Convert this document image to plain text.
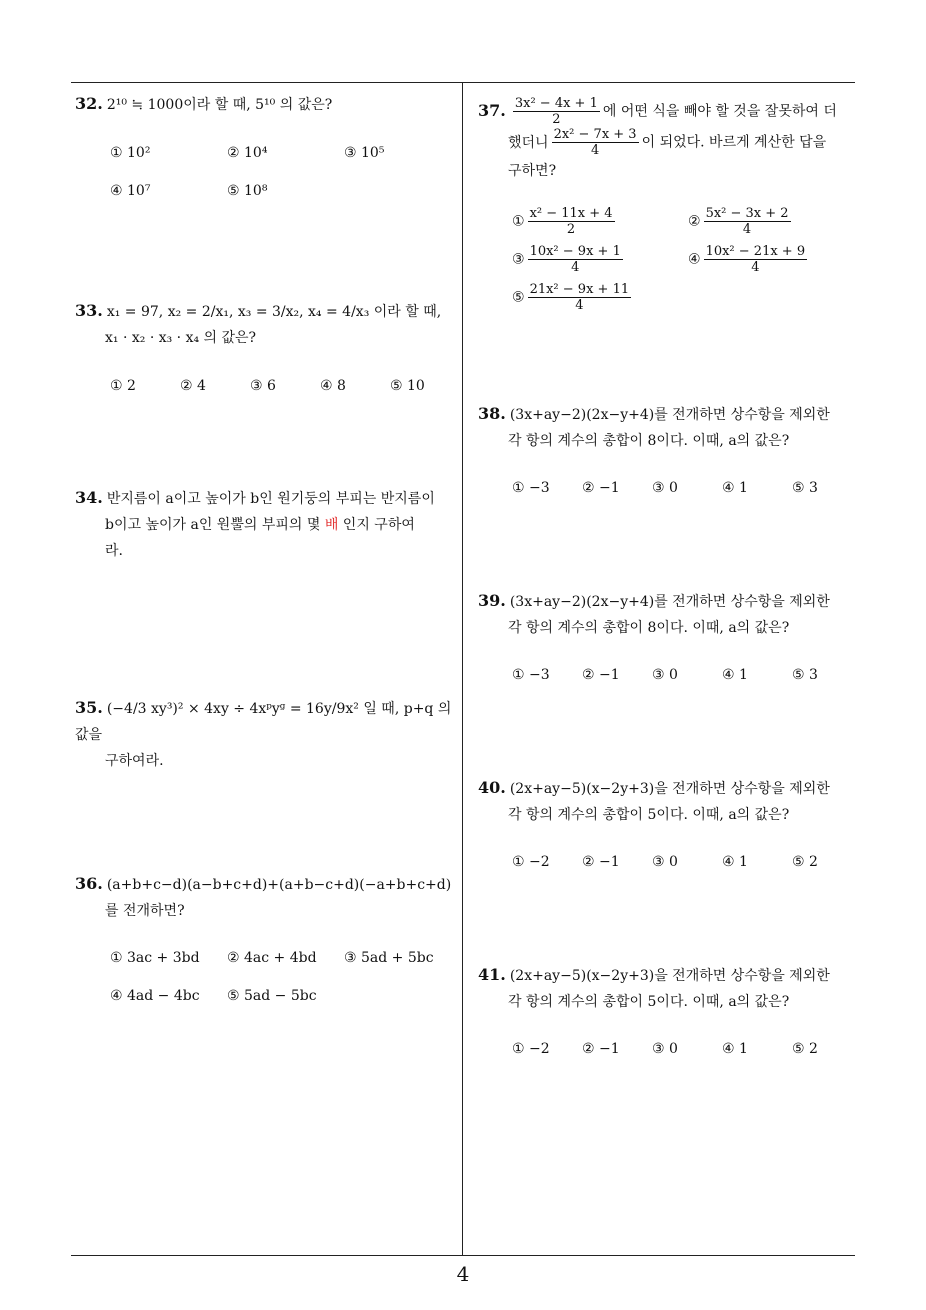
32. 2¹⁰ ≒ 1000이라 할 때, 5¹⁰ 의 값은?
① 10²	② 10⁴	③ 10⁵
④ 10⁷	⑤ 10⁸
33. x₁ = 97, x₂ = 2/x₁, x₃ = 3/x₂, x₄ = 4/x₃ 이라 할 때,
x₁ · x₂ · x₃ · x₄ 의 값은?
① 2	② 4	③ 6	④ 8	⑤ 10
34. 반지름이 a이고 높이가 b인 원기둥의 부피는 반지름이
b이고 높이가 a인 원뿔의 부피의 몇 배 인지 구하여
라.
35. (−4/3 xy³)² × 4xy ÷ 4xᵖyᵍ = 16y/9x² 일 때, p+q 의 값을
구하여라.
36. (a+b+c−d)(a−b+c+d)+(a+b−c+d)(−a+b+c+d)
를 전개하면?
① 3ac + 3bd ② 4ac + 4bd ③ 5ad + 5bc
④ 4ad − 4bc ⑤ 5ad − 5bc
37. $\frac{\text{3x² − 4x + 1}}{2}$ 에 어떤 식을 빼야 할 것을 잘못하여 더
했더니 $\frac{\text{2x² − 7x + 3}}{4}$ 이 되었다. 바르게 계산한 답을
구하면?
① $\frac{\text{x² − 11x + 4}}{2}$	② $\frac{\text{5x² − 3x + 2}}{4}$
③ $\frac{\text{10x² − 9x + 1}}{4}$	④ $\frac{\text{10x² − 21x + 9}}{4}$
⑤ $\frac{\text{21x² − 9x + 11}}{4}$
38. (3x+ay−2)(2x−y+4)를 전개하면 상수항을 제외한
각 항의 계수의 총합이 8이다. 이때, a의 값은?
① −3 ② −1 ③ 0	④ 1	⑤ 3
39. (3x+ay−2)(2x−y+4)를 전개하면 상수항을 제외한
각 항의 계수의 총합이 8이다. 이때, a의 값은?
① −3 ② −1 ③ 0	④ 1	⑤ 3
40. (2x+ay−5)(x−2y+3)을 전개하면 상수항을 제외한
각 항의 계수의 총합이 5이다. 이때, a의 값은?
① −2 ② −1 ③ 0	④ 1	⑤ 2
41. (2x+ay−5)(x−2y+3)을 전개하면 상수항을 제외한
각 항의 계수의 총합이 5이다. 이때, a의 값은?
① −2 ② −1 ③ 0	④ 1	⑤ 2
4
